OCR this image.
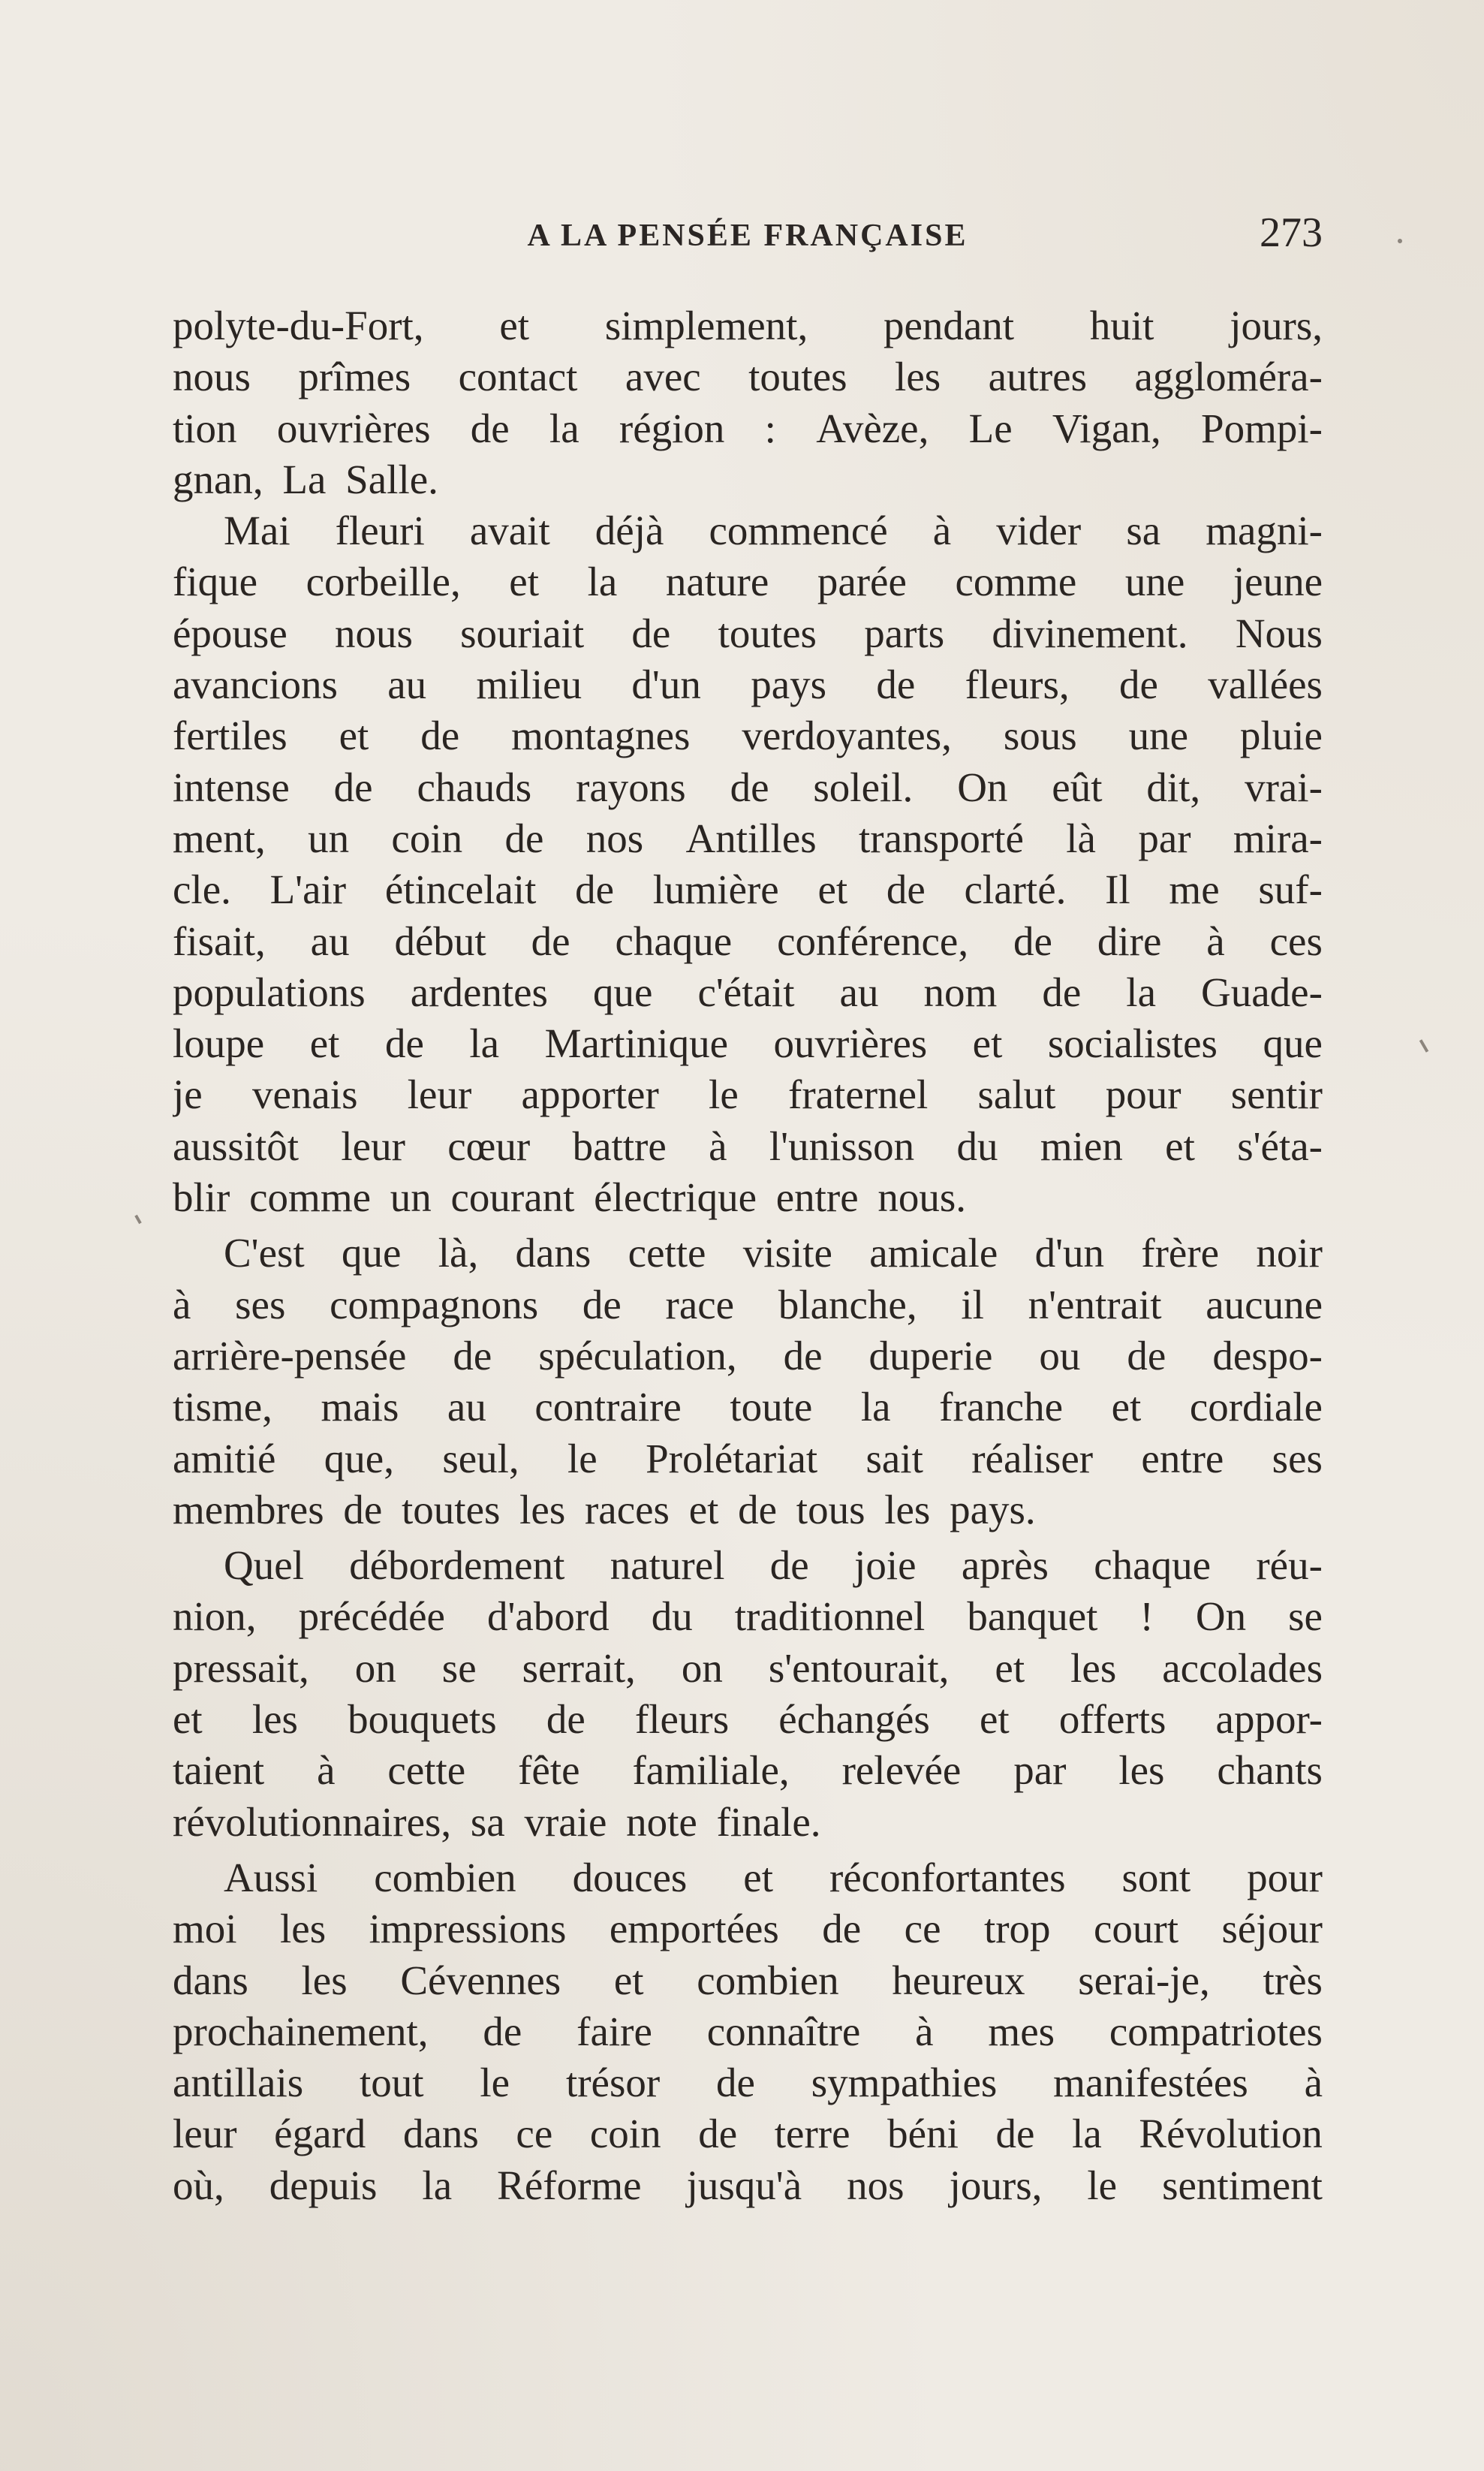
A LA PENSÉE FRANÇAISE	273
polyte-du-Fort, et simplement, pendant huit jours,
nous prîmes contact avec toutes les autres aggloméra-
tion ouvrières de la région : Avèze, Le Vigan, Pompi-
gnan, La Salle.
Mai fleuri avait déjà commencé à vider sa magni-
fique corbeille, et la nature parée comme une jeune
épouse nous souriait de toutes parts divinement. Nous
avancions au milieu d'un pays de fleurs, de vallées
fertiles et de montagnes verdoyantes, sous une pluie
intense de chauds rayons de soleil. On eût dit, vrai-
ment, un coin de nos Antilles transporté là par mira-
cle. L'air étincelait de lumière et de clarté. Il me suf-
fisait, au début de chaque conférence, de dire à ces
populations ardentes que c'était au nom de la Guade-
loupe et de la Martinique ouvrières et socialistes que
je venais leur apporter le fraternel salut pour sentir
aussitôt leur cœur battre à l'unisson du mien et s'éta-
blir comme un courant électrique entre nous.
C'est que là, dans cette visite amicale d'un frère noir
à ses compagnons de race blanche, il n'entrait aucune
arrière-pensée de spéculation, de duperie ou de despo-
tisme, mais au contraire toute la franche et cordiale
amitié que, seul, le Prolétariat sait réaliser entre ses
membres de toutes les races et de tous les pays.
Quel débordement naturel de joie après chaque réu-
nion, précédée d'abord du traditionnel banquet ! On se
pressait, on se serrait, on s'entourait, et les accolades
et les bouquets de fleurs échangés et offerts appor-
taient à cette fête familiale, relevée par les chants
révolutionnaires, sa vraie note finale.
Aussi combien douces et réconfortantes sont pour
moi les impressions emportées de ce trop court séjour
dans les Cévennes et combien heureux serai-je, très
prochainement, de faire connaître à mes compatriotes
antillais tout le trésor de sympathies manifestées à
leur égard dans ce coin de terre béni de la Révolution
où, depuis la Réforme jusqu'à nos jours, le sentiment
